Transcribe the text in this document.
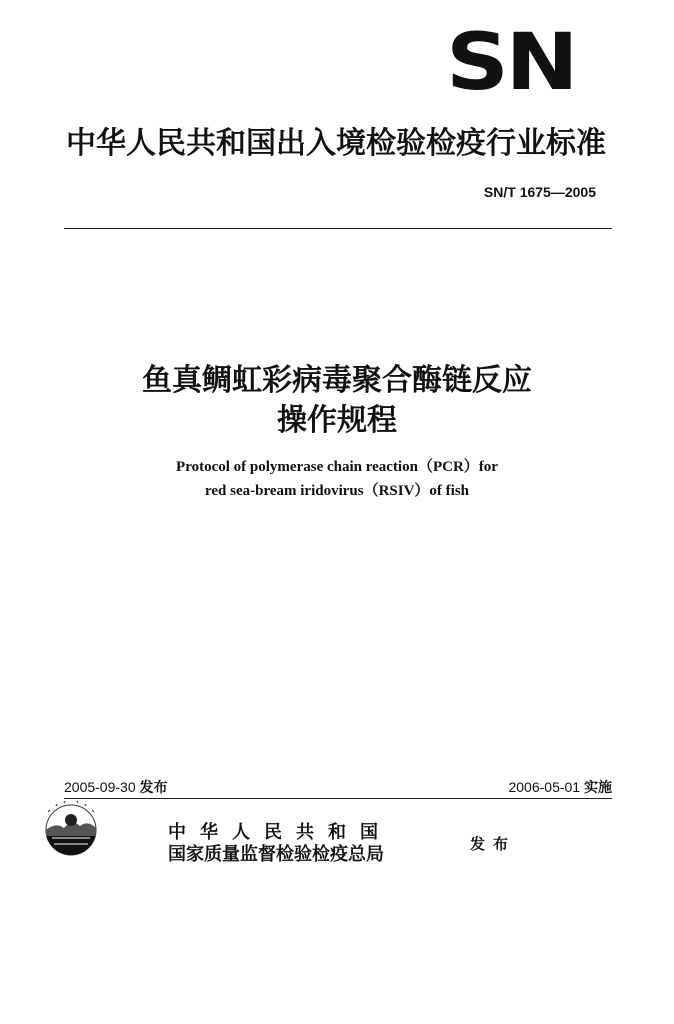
SN
中华人民共和国出入境检验检疫行业标准
SN/T 1675—2005
鱼真鲷虹彩病毒聚合酶链反应
操作规程
Protocol of polymerase chain reaction（PCR）for
red sea-bream iridovirus（RSIV）of fish
2005-09-30 发布	2006-05-01 实施
中华人民共和国
国家质量监督检验检疫总局	发布
